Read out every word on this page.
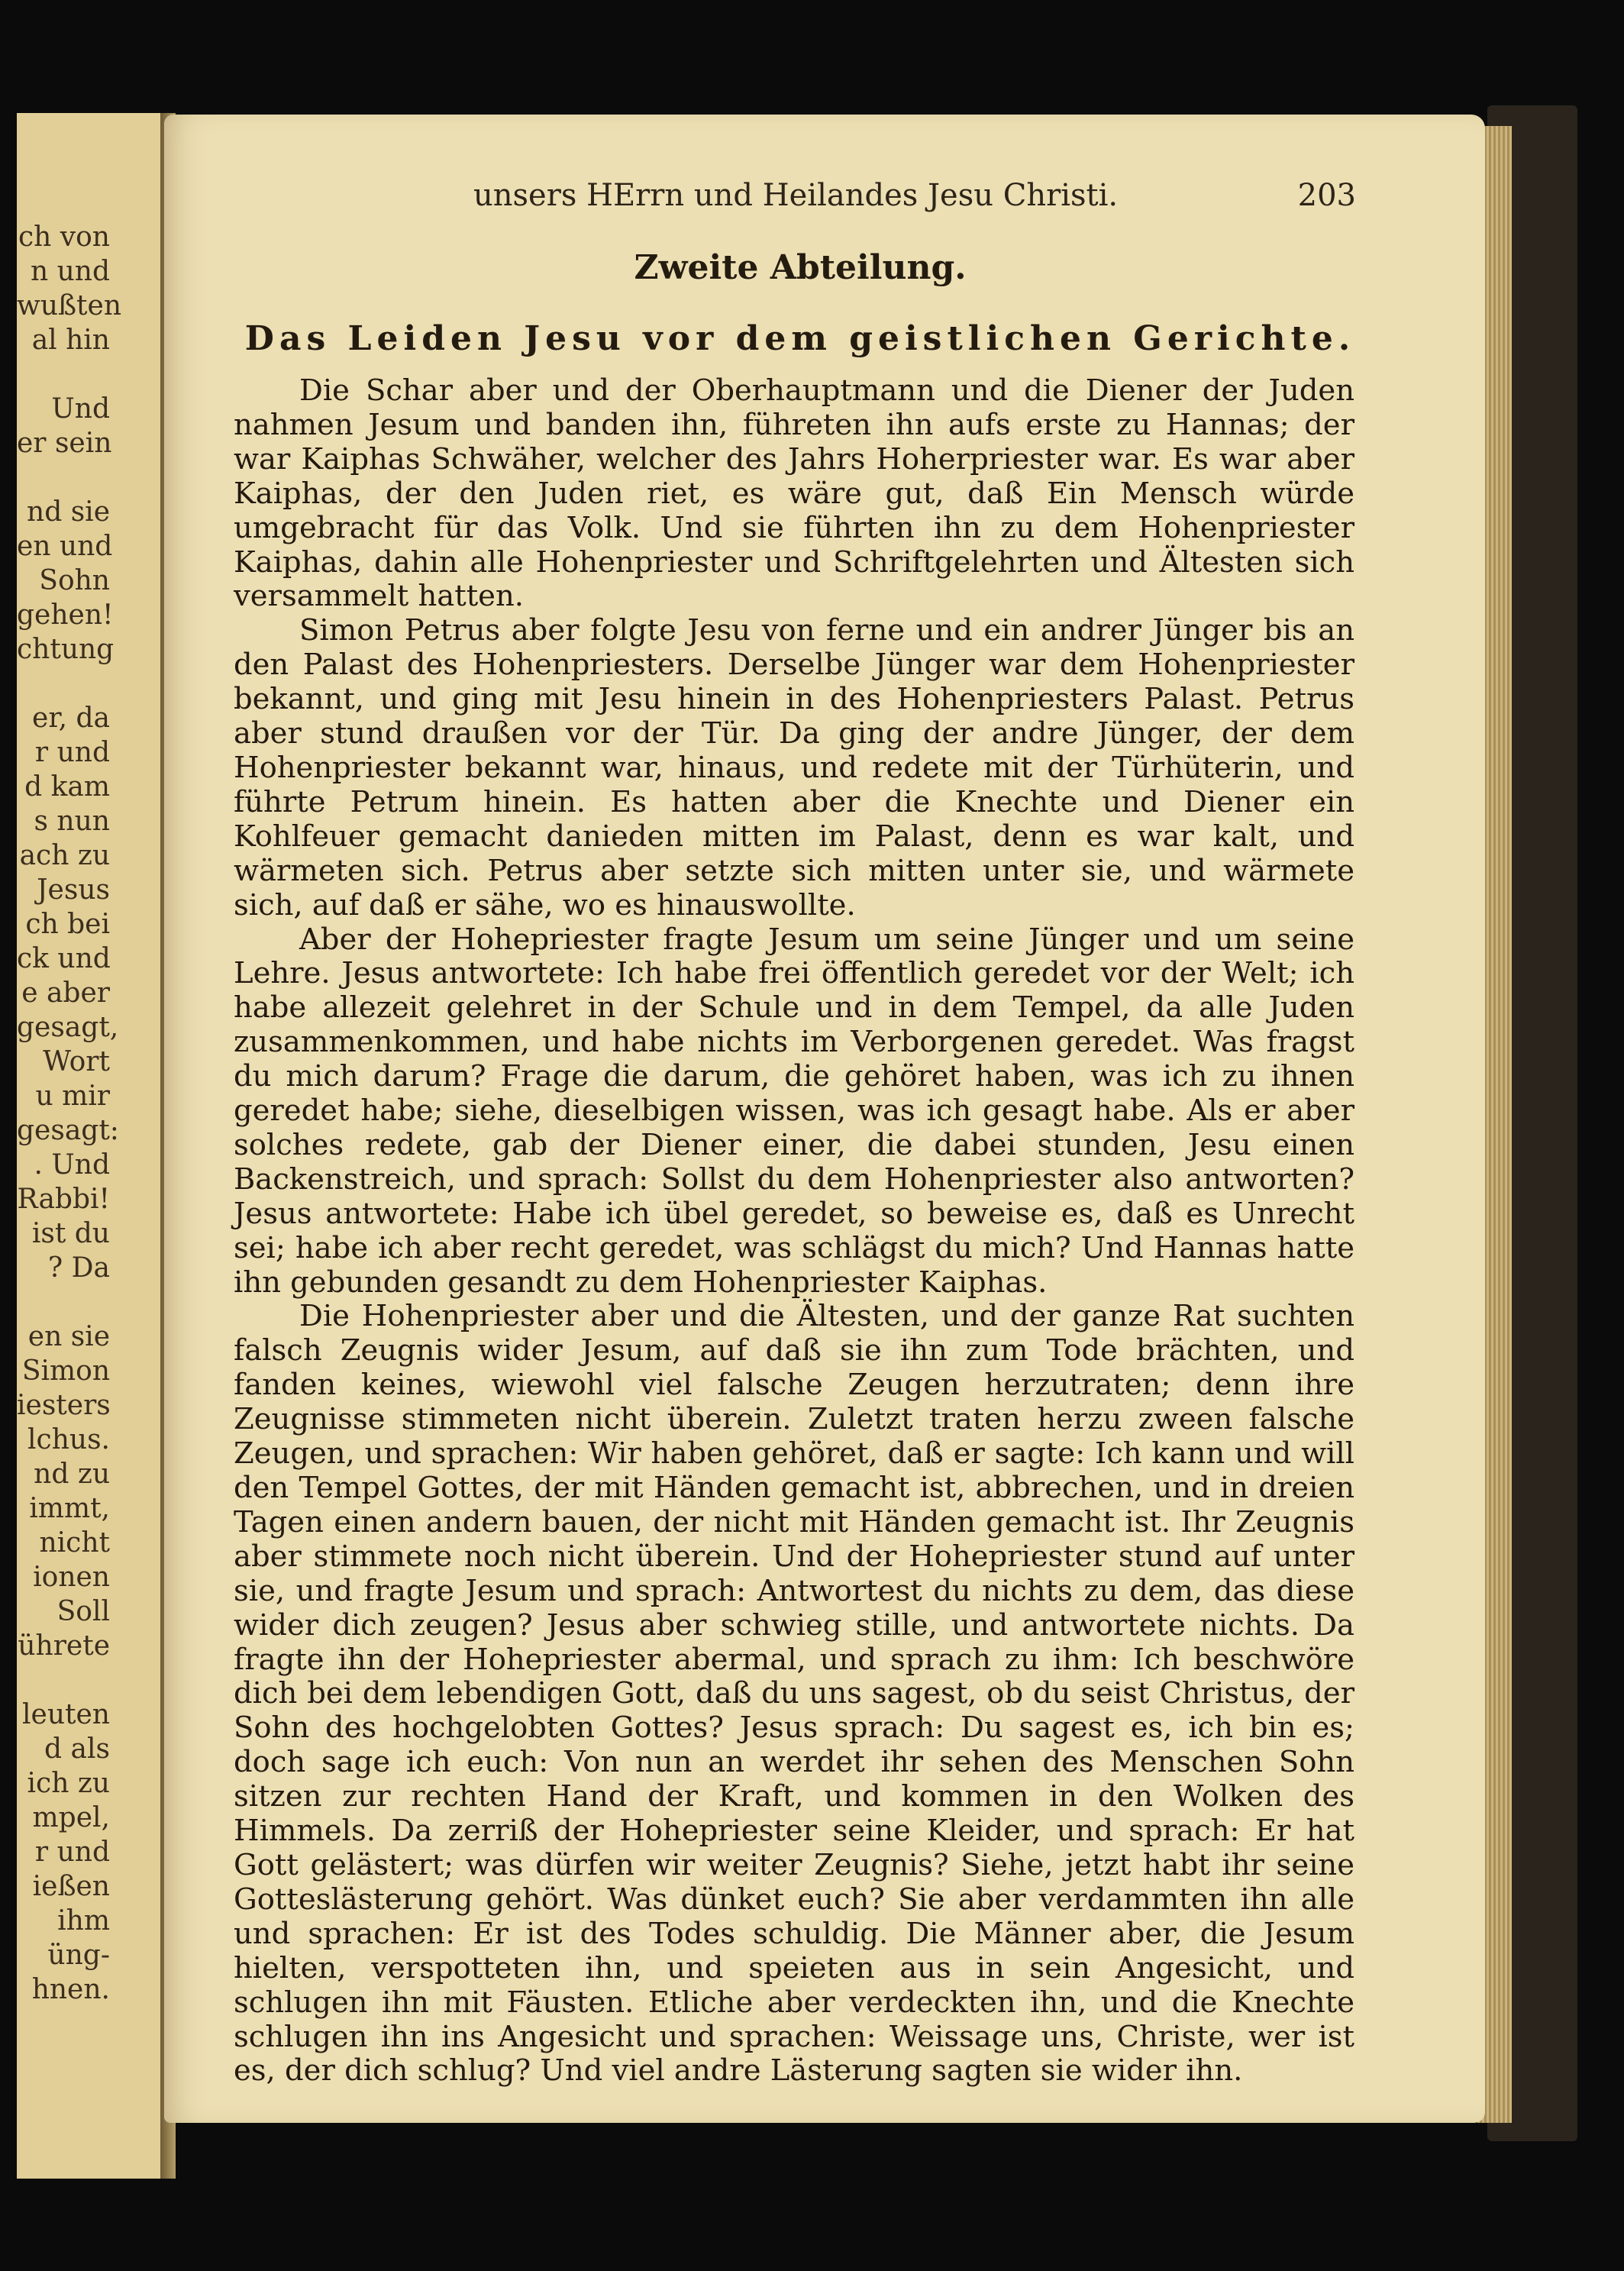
ch von
n und
wußten
al hin

Und
er sein

nd sie
en und
Sohn
gehen!
chtung

er, da
r und
d kam
s nun
ach zu
Jesus
ch bei
ck und
e aber
gesagt,
Wort
u mir
gesagt:
. Und
Rabbi!
ist du
? Da

en sie
Simon
iesters
lchus.
nd zu
immt,
nicht
ionen
Soll
ührete

leuten
d als
ich zu
mpel,
r und
ießen
ihm
üng-
hnen.
unsers HErrn und Heilandes Jesu Christi.	203
Zweite Abteilung.
Das Leiden Jesu vor dem geistlichen Gerichte.

Die Schar aber und der Oberhauptmann und die Diener der Juden nahmen Jesum und banden ihn, führeten ihn aufs erste zu Hannas; der war Kaiphas Schwäher, welcher des Jahrs Hoherpriester war. Es war aber Kaiphas, der den Juden riet, es wäre gut, daß Ein Mensch würde umgebracht für das Volk. Und sie führten ihn zu dem Hohenpriester Kaiphas, dahin alle Hohenpriester und Schriftgelehrten und Ältesten sich versammelt hatten.

Simon Petrus aber folgte Jesu von ferne und ein andrer Jünger bis an den Palast des Hohenpriesters. Derselbe Jünger war dem Hohenpriester bekannt, und ging mit Jesu hinein in des Hohenpriesters Palast. Petrus aber stund draußen vor der Tür. Da ging der andre Jünger, der dem Hohenpriester bekannt war, hinaus, und redete mit der Türhüterin, und führte Petrum hinein. Es hatten aber die Knechte und Diener ein Kohlfeuer gemacht danieden mitten im Palast, denn es war kalt, und wärmeten sich. Petrus aber setzte sich mitten unter sie, und wärmete sich, auf daß er sähe, wo es hinauswollte.

Aber der Hohepriester fragte Jesum um seine Jünger und um seine Lehre. Jesus antwortete: Ich habe frei öffentlich geredet vor der Welt; ich habe allezeit gelehret in der Schule und in dem Tempel, da alle Juden zusammenkommen, und habe nichts im Verborgenen geredet. Was fragst du mich darum? Frage die darum, die gehöret haben, was ich zu ihnen geredet habe; siehe, dieselbigen wissen, was ich gesagt habe. Als er aber solches redete, gab der Diener einer, die dabei stunden, Jesu einen Backenstreich, und sprach: Sollst du dem Hohenpriester also antworten? Jesus antwortete: Habe ich übel geredet, so beweise es, daß es Unrecht sei; habe ich aber recht geredet, was schlägst du mich? Und Hannas hatte ihn gebunden gesandt zu dem Hohenpriester Kaiphas.

Die Hohenpriester aber und die Ältesten, und der ganze Rat suchten falsch Zeugnis wider Jesum, auf daß sie ihn zum Tode brächten, und fanden keines, wiewohl viel falsche Zeugen herzutraten; denn ihre Zeugnisse stimmeten nicht überein. Zuletzt traten herzu zween falsche Zeugen, und sprachen: Wir haben gehöret, daß er sagte: Ich kann und will den Tempel Gottes, der mit Händen gemacht ist, abbrechen, und in dreien Tagen einen andern bauen, der nicht mit Händen gemacht ist. Ihr Zeugnis aber stimmete noch nicht überein. Und der Hohepriester stund auf unter sie, und fragte Jesum und sprach: Antwortest du nichts zu dem, das diese wider dich zeugen? Jesus aber schwieg stille, und antwortete nichts. Da fragte ihn der Hohepriester abermal, und sprach zu ihm: Ich beschwöre dich bei dem lebendigen Gott, daß du uns sagest, ob du seist Christus, der Sohn des hochgelobten Gottes? Jesus sprach: Du sagest es, ich bin es; doch sage ich euch: Von nun an werdet ihr sehen des Menschen Sohn sitzen zur rechten Hand der Kraft, und kommen in den Wolken des Himmels. Da zerriß der Hohepriester seine Kleider, und sprach: Er hat Gott gelästert; was dürfen wir weiter Zeugnis? Siehe, jetzt habt ihr seine Gotteslästerung gehört. Was dünket euch? Sie aber verdammten ihn alle und sprachen: Er ist des Todes schuldig. Die Männer aber, die Jesum hielten, verspotteten ihn, und speieten aus in sein Angesicht, und schlugen ihn mit Fäusten. Etliche aber verdeckten ihn, und die Knechte schlugen ihn ins Angesicht und sprachen: Weissage uns, Christe, wer ist es, der dich schlug? Und viel andre Lästerung sagten sie wider ihn.
